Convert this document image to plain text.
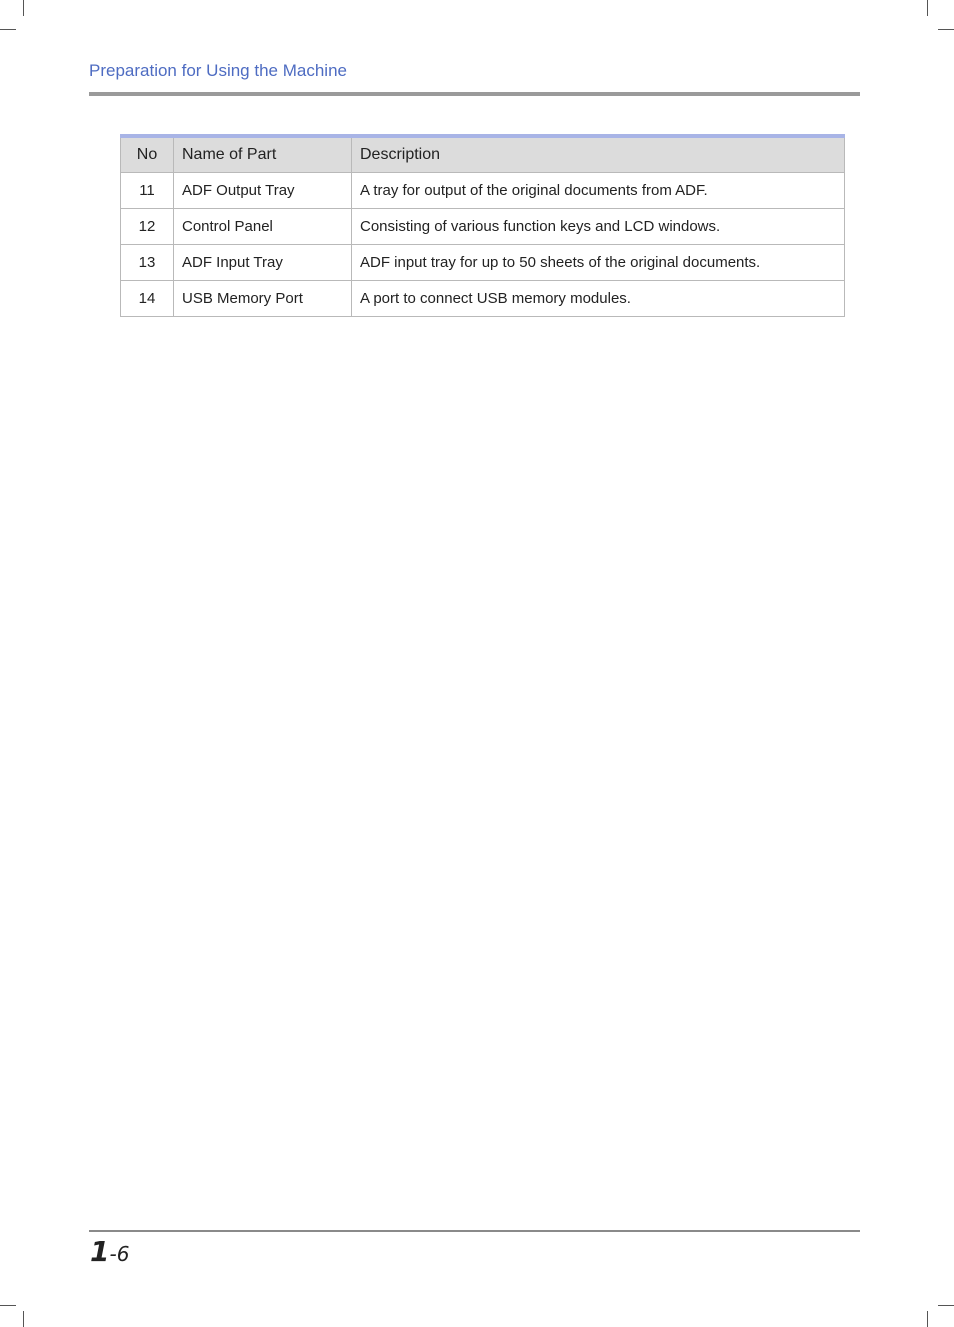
Preparation for Using the Machine
No	Name of Part	Description
11	ADF Output Tray	A tray for output of the original documents from ADF.
12	Control Panel	Consisting of various function keys and LCD windows.
13	ADF Input Tray	ADF input tray for up to 50 sheets of the original documents.
14	USB Memory Port	A port to connect USB memory modules.
1-6
